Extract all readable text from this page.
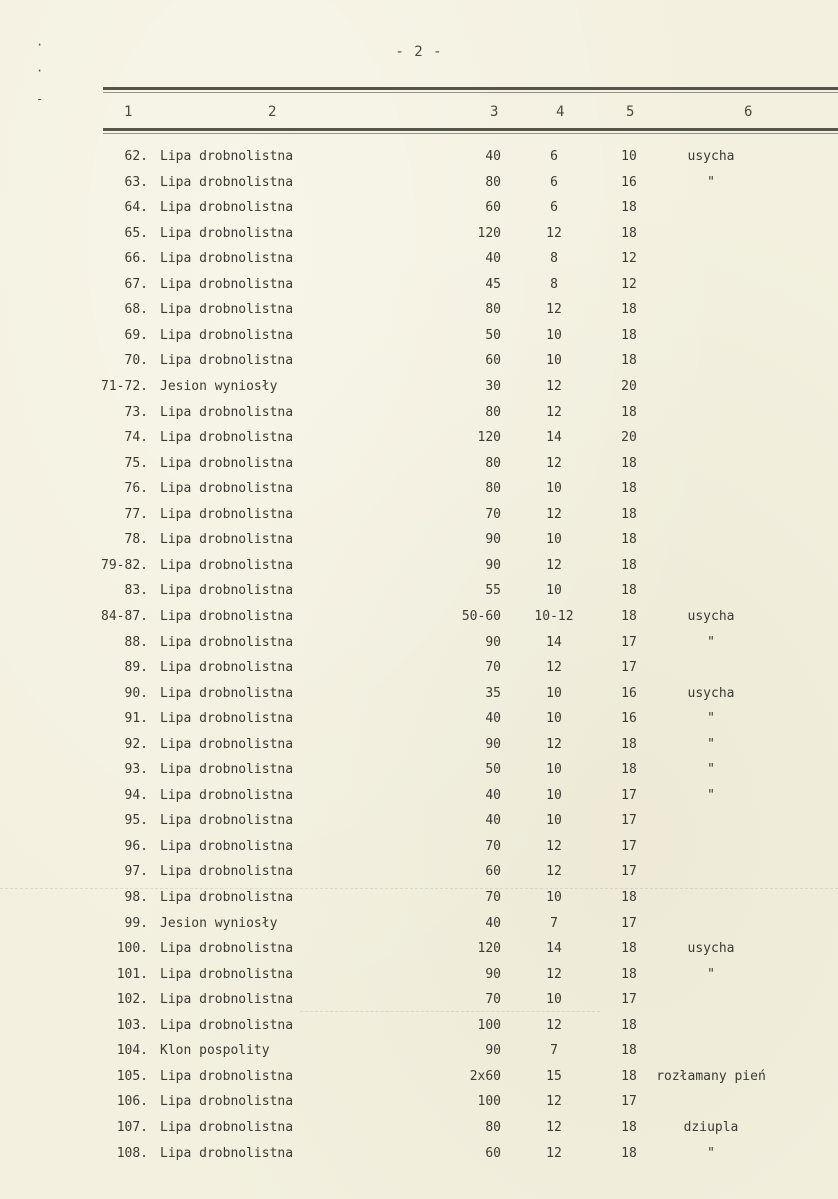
·
·
-
- 2 -
1	2	3	4	5	6
62. Lipa drobnolistna	40	6	10	usycha
63. Lipa drobnolistna	80	6	16	"
64. Lipa drobnolistna	60	6	18
65. Lipa drobnolistna	120	12	18
66. Lipa drobnolistna	40	8	12
67. Lipa drobnolistna	45	8	12
68. Lipa drobnolistna	80	12	18
69. Lipa drobnolistna	50	10	18
70. Lipa drobnolistna	60	10	18
71-72. Jesion wyniosły	30	12	20
73. Lipa drobnolistna	80	12	18
74. Lipa drobnolistna	120	14	20
75. Lipa drobnolistna	80	12	18
76. Lipa drobnolistna	80	10	18
77. Lipa drobnolistna	70	12	18
78. Lipa drobnolistna	90	10	18
79-82. Lipa drobnolistna	90	12	18
83. Lipa drobnolistna	55	10	18
84-87. Lipa drobnolistna	50-60	10-12	18	usycha
88. Lipa drobnolistna	90	14	17	"
89. Lipa drobnolistna	70	12	17
90. Lipa drobnolistna	35	10	16	usycha
91. Lipa drobnolistna	40	10	16	"
92. Lipa drobnolistna	90	12	18	"
93. Lipa drobnolistna	50	10	18	"
94. Lipa drobnolistna	40	10	17	"
95. Lipa drobnolistna	40	10	17
96. Lipa drobnolistna	70	12	17
97. Lipa drobnolistna	60	12	17
98. Lipa drobnolistna	70	10	18
99. Jesion wyniosły	40	7	17
100. Lipa drobnolistna	120	14	18	usycha
101. Lipa drobnolistna	90	12	18	"
102. Lipa drobnolistna	70	10	17
103. Lipa drobnolistna	100	12	18
104. Klon pospolity	90	7	18
105. Lipa drobnolistna	2x60	15	18	rozłamany pień
106. Lipa drobnolistna	100	12	17
107. Lipa drobnolistna	80	12	18	dziupla
108. Lipa drobnolistna	60	12	18	"
